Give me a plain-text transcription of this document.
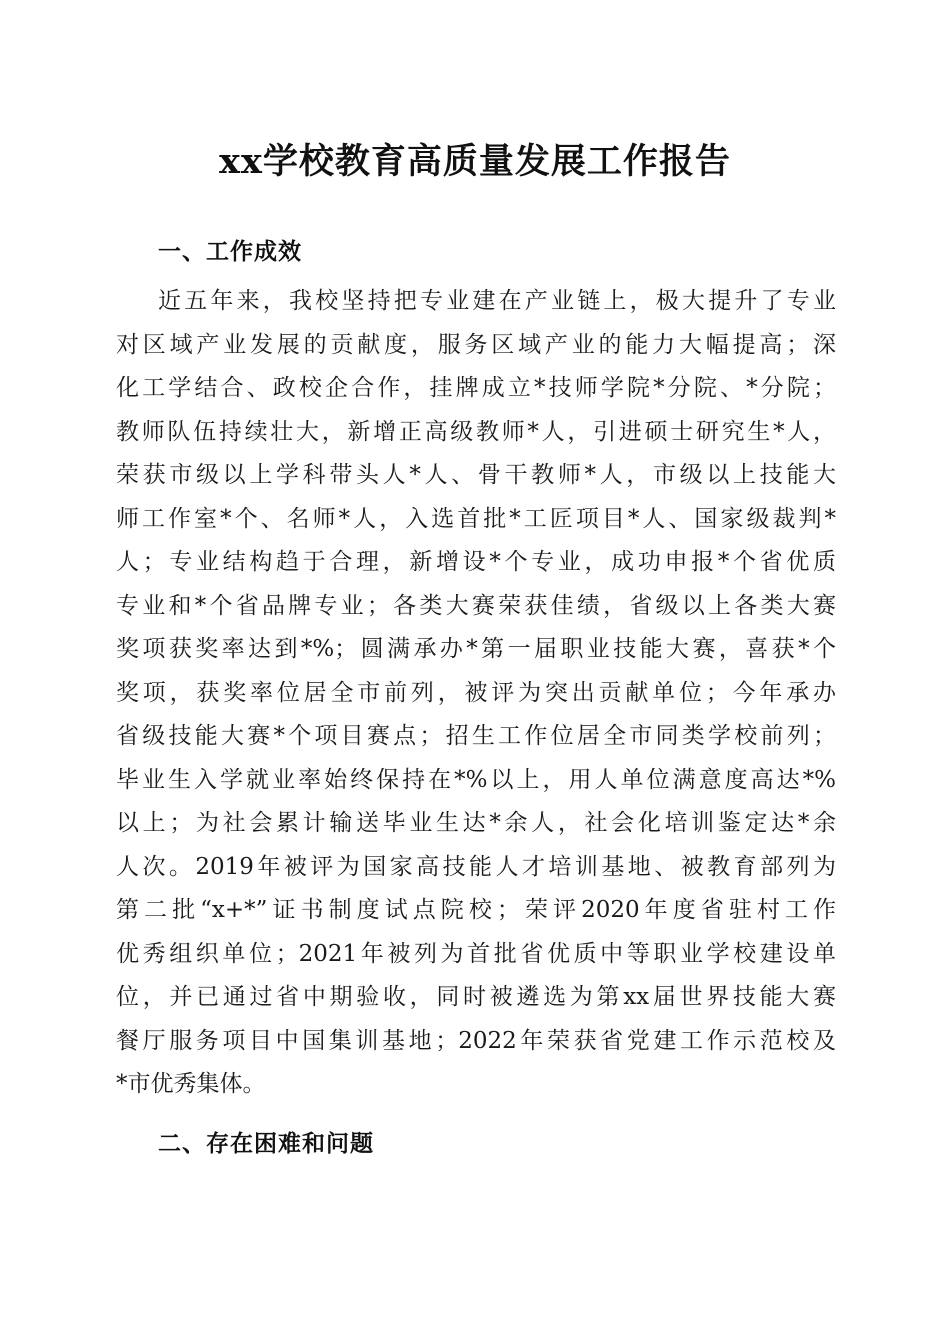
xx学校教育高质量发展工作报告
一、工作成效
近五年来，我校坚持把专业建在产业链上，极大提升了专业
对区域产业发展的贡献度，服务区域产业的能力大幅提高；深
化工学结合、政校企合作，挂牌成立*技师学院*分院、*分院；
教师队伍持续壮大，新增正高级教师*人，引进硕士研究生*人，
荣获市级以上学科带头人*人、骨干教师*人，市级以上技能大
师工作室*个、名师*人，入选首批*工匠项目*人、国家级裁判*
人；专业结构趋于合理，新增设*个专业，成功申报*个省优质
专业和*个省品牌专业；各类大赛荣获佳绩，省级以上各类大赛
奖项获奖率达到*%；圆满承办*第一届职业技能大赛，喜获*个
奖项，获奖率位居全市前列，被评为突出贡献单位；今年承办
省级技能大赛*个项目赛点；招生工作位居全市同类学校前列；
毕业生入学就业率始终保持在*%以上，用人单位满意度高达*%
以上；为社会累计输送毕业生达*余人，社会化培训鉴定达*余
人次。2019年被评为国家高技能人才培训基地、被教育部列为
第二批“x+*”证书制度试点院校；荣评2020年度省驻村工作
优秀组织单位；2021年被列为首批省优质中等职业学校建设单
位，并已通过省中期验收，同时被遴选为第xx届世界技能大赛
餐厅服务项目中国集训基地；2022年荣获省党建工作示范校及
*市优秀集体。
二、存在困难和问题
